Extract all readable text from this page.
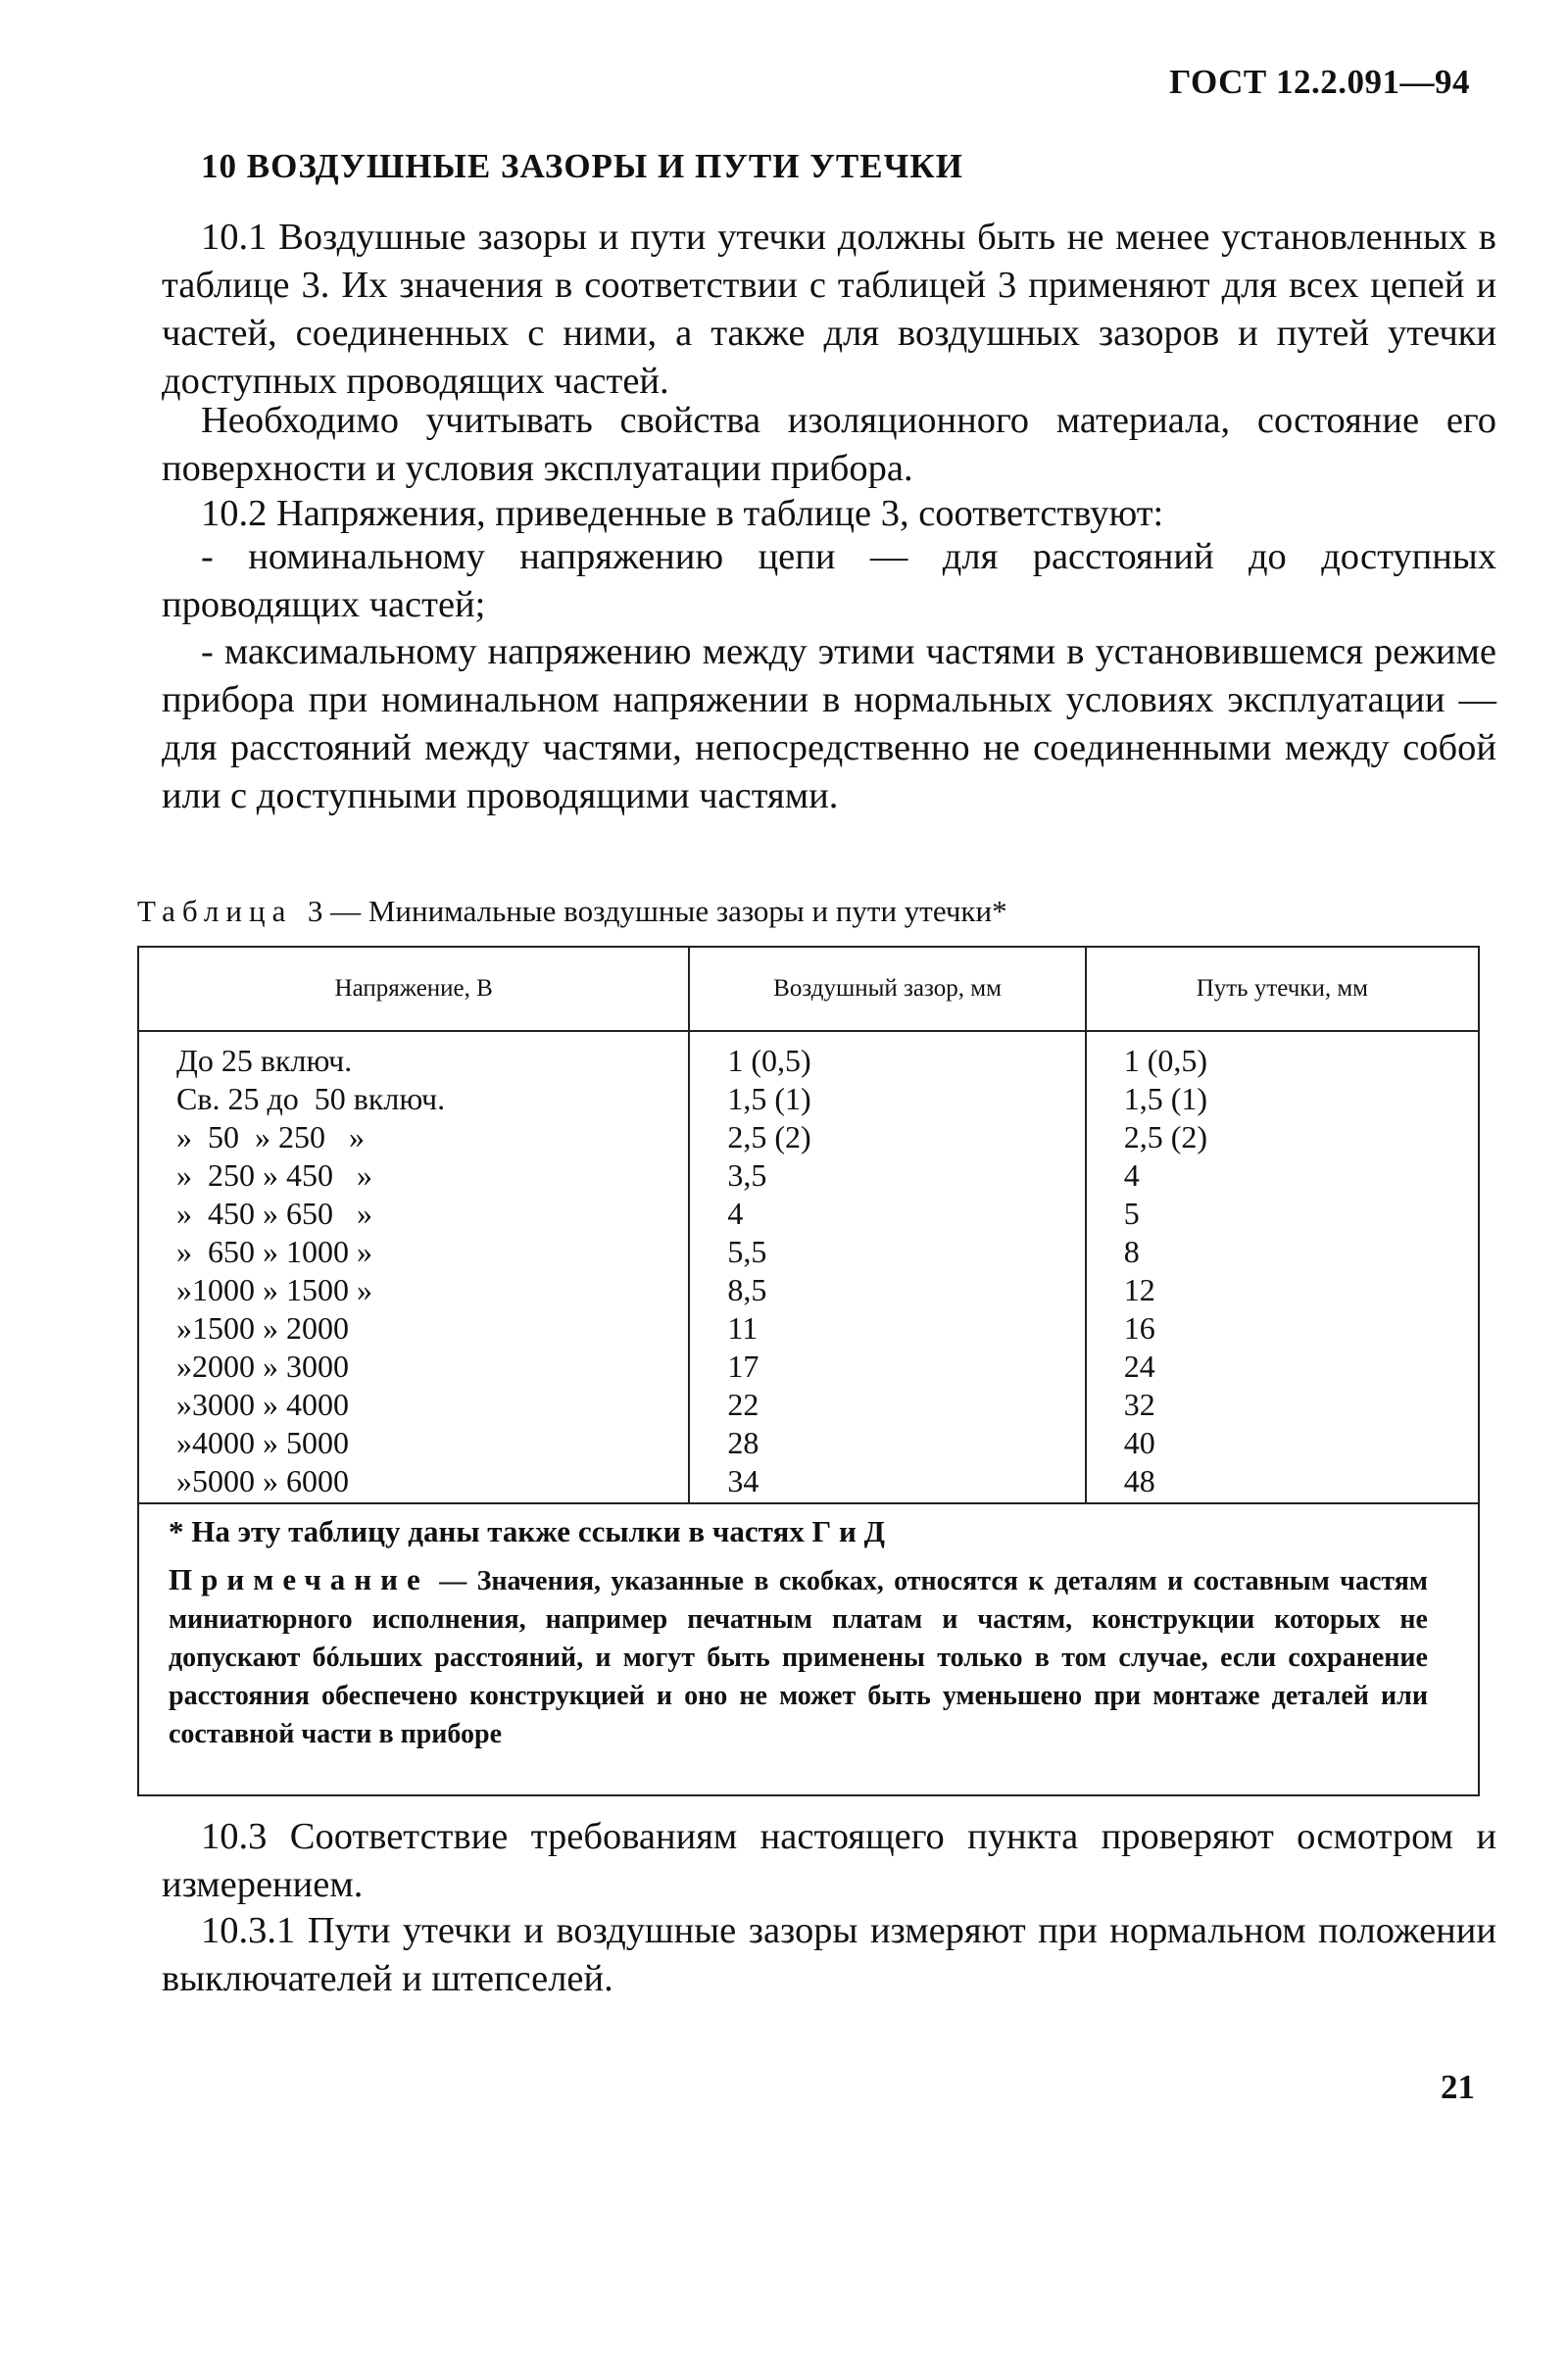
ГОСТ 12.2.091—94
10 ВОЗДУШНЫЕ ЗАЗОРЫ И ПУТИ УТЕЧКИ
10.1 Воздушные зазоры и пути утечки должны быть не менее установленных в таблице 3. Их значения в соответствии с таблицей 3 применяют для всех цепей и частей, соединенных с ними, а также для воздушных зазоров и путей утечки доступных проводящих частей.
Необходимо учитывать свойства изоляционного материала, состояние его поверхности и условия эксплуатации прибора.
10.2 Напряжения, приведенные в таблице 3, соответствуют:
- номинальному напряжению цепи — для расстояний до доступных проводящих частей;
- максимальному напряжению между этими частями в установившемся режиме прибора при номинальном напряжении в нормальных условиях эксплуатации — для расстояний между частями, непосредственно не соединенными между собой или с доступными проводящими частями.
Таблица 3 — Минимальные воздушные зазоры и пути утечки*
Напряжение, В	Воздушный зазор, мм	Путь утечки, мм
До 25 включ.	1 (0,5)	1 (0,5)
Св. 25 до  50 включ.	1,5 (1)	1,5 (1)
»  50  » 250   »	2,5 (2)	2,5 (2)
»  250 » 450   »	3,5	4
»  450 » 650   »	4	5
»  650 » 1000 »	5,5	8
»1000 » 1500 »	8,5	12
»1500 » 2000	11	16
»2000 » 3000	17	24
»3000 » 4000	22	32
»4000 » 5000	28	40
»5000 » 6000	34	48
* На эту таблицу даны также ссылки в частях Г и Д
Примечание — Значения, указанные в скобках, относятся к деталям и составным частям миниатюрного исполнения, например печатным платам и частям, конструкции которых не допускают бóльших расстояний, и могут быть применены только в том случае, если сохранение расстояния обеспечено конструкцией и оно не может быть уменьшено при монтаже деталей или составной части в приборе
10.3 Соответствие требованиям настоящего пункта проверяют осмотром и измерением.
10.3.1 Пути утечки и воздушные зазоры измеряют при нормальном положении выключателей и штепселей.
21
